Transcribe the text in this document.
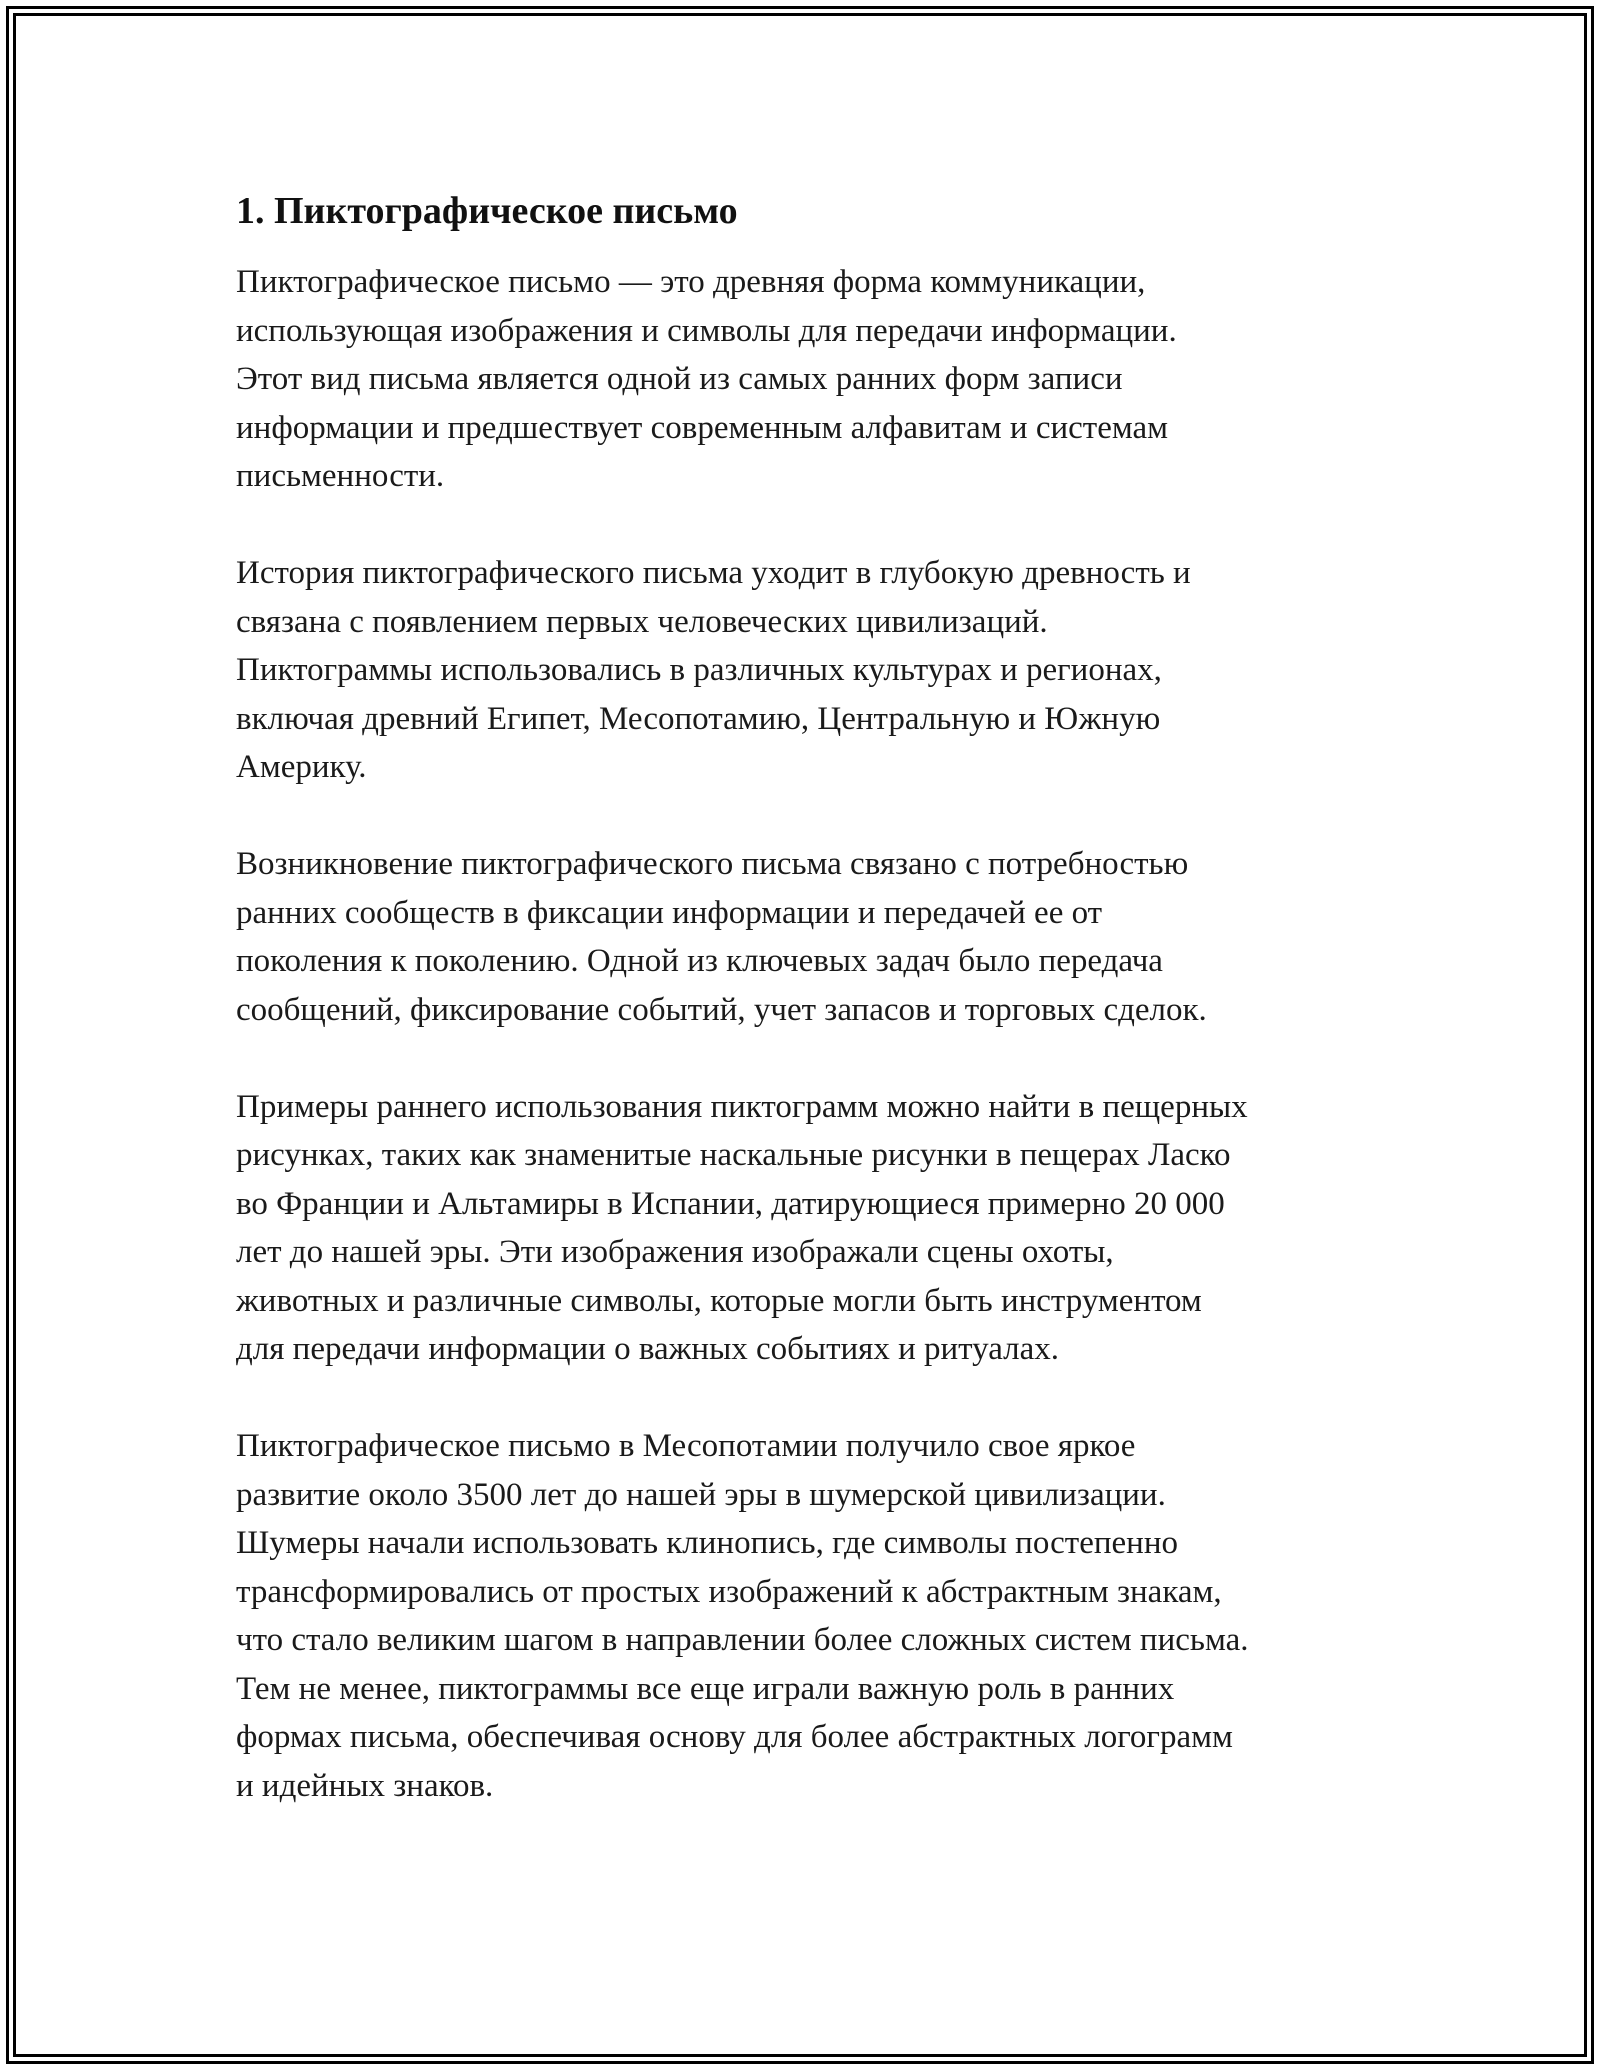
1. Пиктографическое письмо

Пиктографическое письмо — это древняя форма коммуникации,
использующая изображения и символы для передачи информации.
Этот вид письма является одной из самых ранних форм записи
информации и предшествует современным алфавитам и системам
письменности.

История пиктографического письма уходит в глубокую древность и
связана с появлением первых человеческих цивилизаций.
Пиктограммы использовались в различных культурах и регионах,
включая древний Египет, Месопотамию, Центральную и Южную
Америку.

Возникновение пиктографического письма связано с потребностью
ранних сообществ в фиксации информации и передачей ее от
поколения к поколению. Одной из ключевых задач было передача
сообщений, фиксирование событий, учет запасов и торговых сделок.

Примеры раннего использования пиктограмм можно найти в пещерных
рисунках, таких как знаменитые наскальные рисунки в пещерах Ласко
во Франции и Альтамиры в Испании, датирующиеся примерно 20 000
лет до нашей эры. Эти изображения изображали сцены охоты,
животных и различные символы, которые могли быть инструментом
для передачи информации о важных событиях и ритуалах.

Пиктографическое письмо в Месопотамии получило свое яркое
развитие около 3500 лет до нашей эры в шумерской цивилизации.
Шумеры начали использовать клинопись, где символы постепенно
трансформировались от простых изображений к абстрактным знакам,
что стало великим шагом в направлении более сложных систем письма.
Тем не менее, пиктограммы все еще играли важную роль в ранних
формах письма, обеспечивая основу для более абстрактных логограмм
и идейных знаков.
